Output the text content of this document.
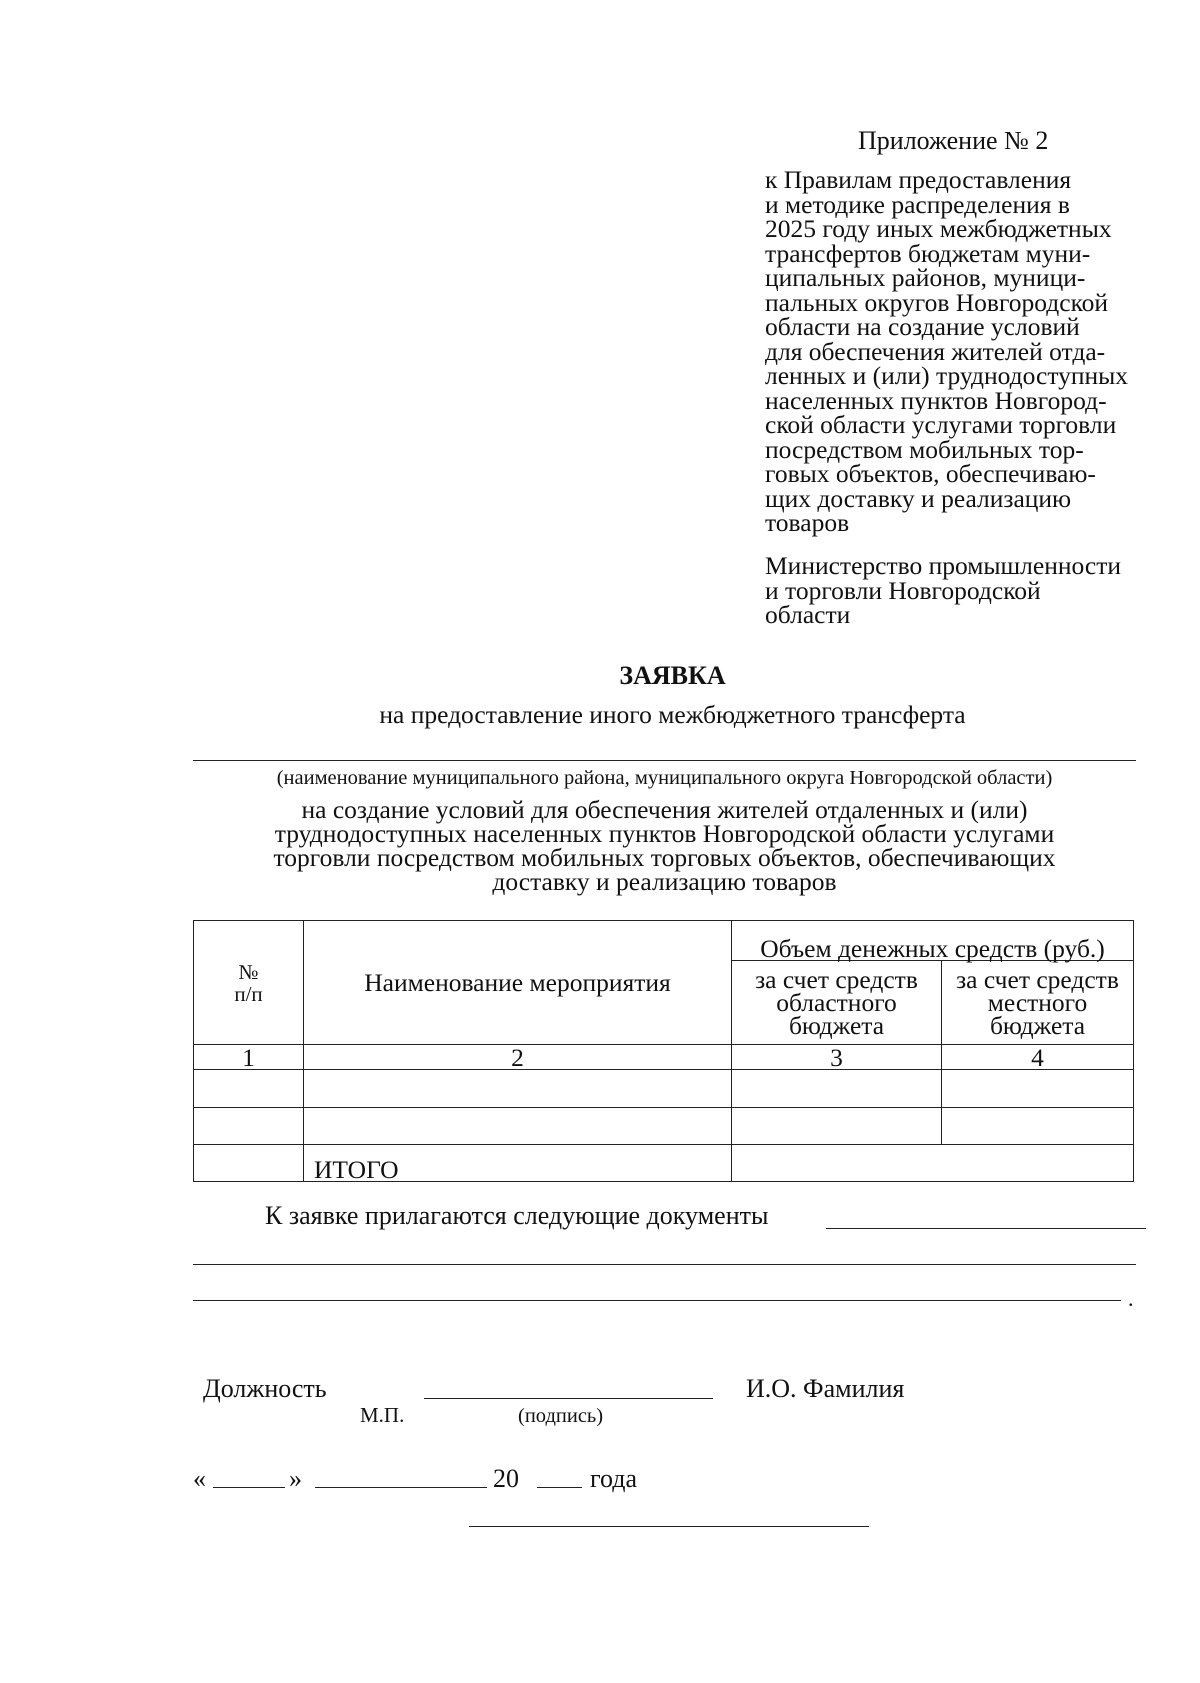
Приложение № 2
к Правилам предоставления
и методике распределения в
2025 году иных межбюджетных
трансфертов бюджетам муни-
ципальных районов, муници-
пальных округов Новгородской
области на создание условий
для обеспечения жителей отда-
ленных и (или) труднодоступных
населенных пунктов Новгород-
ской области услугами торговли
посредством мобильных тор-
говых объектов, обеспечиваю-
щих доставку и реализацию
товаров
Министерство промышленности
и торговли Новгородской
области
ЗАЯВКА
на предоставление иного межбюджетного трансферта
(наименование муниципального района, муниципального округа Новгородской области)
на создание условий для обеспечения жителей отдаленных и (или)
труднодоступных населенных пунктов Новгородской области услугами
торговли посредством мобильных торговых объектов, обеспечивающих
доставку и реализацию товаров
№
п/п	Наименование мероприятия	Объем денежных средств (руб.)	
		за счет средств
областного
бюджета	за счет средств
местного
бюджета
1	2	3	4

	ИТОГО		
К заявке прилагаются следующие документы
.
Должность
М.П.	(подпись)
И.О. Фамилия
«	»	20	года
